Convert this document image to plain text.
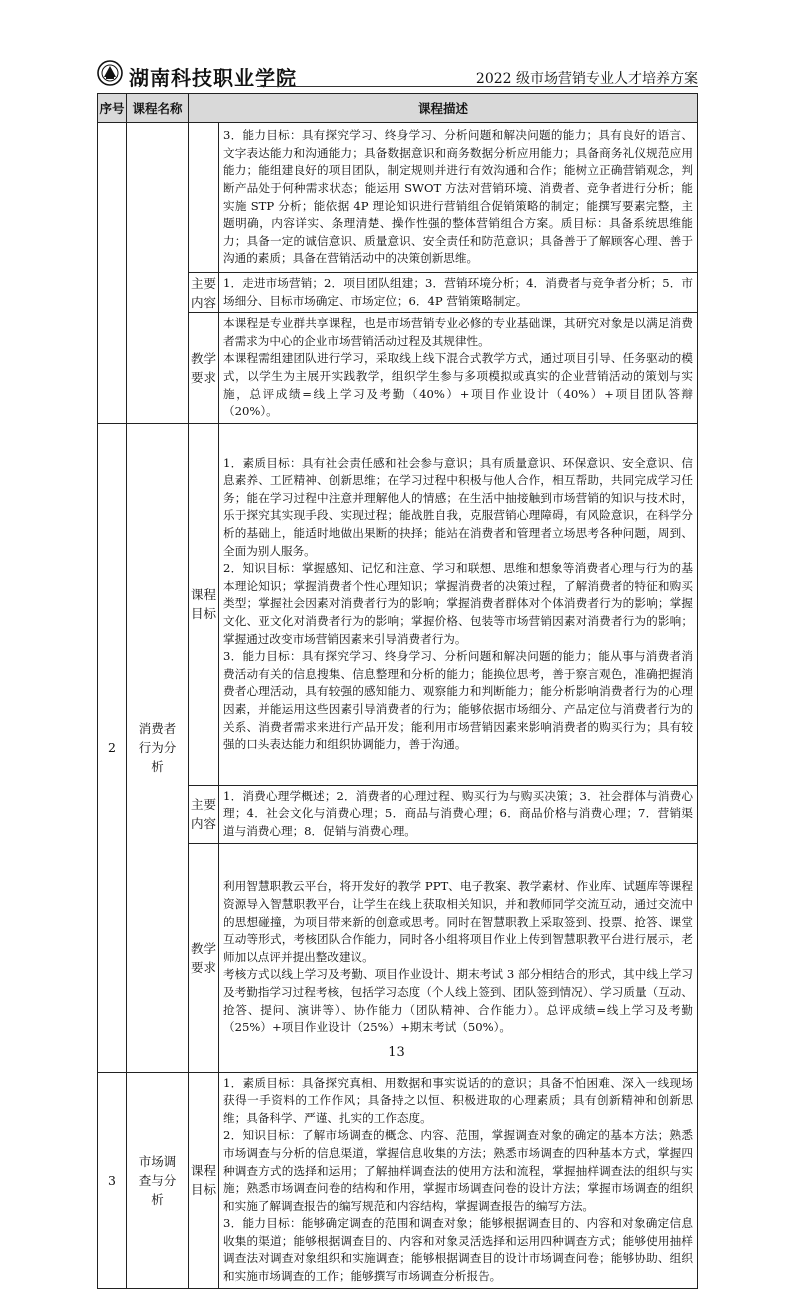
湖南科技职业学院	2022 级市场营销专业人才培养方案
序号	课程名称	课程描述	

			3．能力目标：具有探究学习、终身学习、分析问题和解决问题的能力；具有良好的语言、文字表达能力和沟通能力；具备数据意识和商务数据分析应用能力；具备商务礼仪规范应用能力；能组建良好的项目团队，制定规则并进行有效沟通和合作；能树立正确营销观念，判断产品处于何种需求状态；能运用 SWOT 方法对营销环境、消费者、竞争者进行分析；能实施 STP 分析；能依据 4P 理论知识进行营销组合促销策略的制定；能撰写要素完整，主题明确，内容详实、条理清楚、操作性强的整体营销组合方案。质目标：具备系统思维能力；具备一定的诚信意识、质量意识、安全责任和防范意识；具备善于了解顾客心理、善于沟通的素质；具备在营销活动中的决策创新思维。

		主要内容	1．走进市场营销；2．项目团队组建；3．营销环境分析；4．消费者与竞争者分析；5．市场细分、目标市场确定、市场定位；6．4P 营销策略制定。

		教学要求	本课程是专业群共享课程，也是市场营销专业必修的专业基础课，其研究对象是以满足消费者需求为中心的企业市场营销活动过程及其规律性。

本课程需组建团队进行学习，采取线上线下混合式教学方式，通过项目引导、任务驱动的模式，以学生为主展开实践教学，组织学生参与多项模拟或真实的企业营销活动的策划与实施，总评成绩=线上学习及考勤（40%）+项目作业设计（40%）+项目团队答辩（20%）。

2	消费者行为分析	课程目标	1．素质目标：具有社会责任感和社会参与意识；具有质量意识、环保意识、安全意识、信息素养、工匠精神、创新思维；在学习过程中积极与他人合作，相互帮助，共同完成学习任务；能在学习过程中注意并理解他人的情感；在生活中抽接触到市场营销的知识与技术时，乐于探究其实现手段、实现过程；能战胜自我，克服营销心理障碍，有风险意识，在科学分析的基础上，能适时地做出果断的抉择；能站在消费者和管理者立场思考各种问题，周到、全面为别人服务。

2．知识目标：掌握感知、记忆和注意、学习和联想、思维和想象等消费者心理与行为的基本理论知识；掌握消费者个性心理知识；掌握消费者的决策过程，了解消费者的特征和购买类型；掌握社会因素对消费者行为的影响；掌握消费者群体对个体消费者行为的影响；掌握文化、亚文化对消费者行为的影响；掌握价格、包装等市场营销因素对消费者行为的影响；掌握通过改变市场营销因素来引导消费者行为。

3．能力目标：具有探究学习、终身学习、分析问题和解决问题的能力；能从事与消费者消费活动有关的信息搜集、信息整理和分析的能力；能换位思考，善于察言观色，准确把握消费者心理活动，具有较强的感知能力、观察能力和判断能力；能分析影响消费者行为的心理因素，并能运用这些因素引导消费者的行为；能够依据市场细分、产品定位与消费者行为的关系、消费者需求来进行产品开发；能利用市场营销因素来影响消费者的购买行为；具有较强的口头表达能力和组织协调能力，善于沟通。

		主要内容	1．消费心理学概述；2．消费者的心理过程、购买行为与购买决策；3．社会群体与消费心理；4．社会文化与消费心理；5．商品与消费心理；6．商品价格与消费心理；7．营销渠道与消费心理；8．促销与消费心理。

		教学要求	利用智慧职教云平台，将开发好的教学 PPT、电子教案、教学素材、作业库、试题库等课程资源导入智慧职教平台，让学生在线上获取相关知识，并和教师同学交流互动，通过交流中的思想碰撞，为项目带来新的创意或思考。同时在智慧职教上采取签到、投票、抢答、课堂互动等形式，考核团队合作能力，同时各小组将项目作业上传到智慧职教平台进行展示，老师加以点评并提出整改建议。

考核方式以线上学习及考勤、项目作业设计、期末考试 3 部分相结合的形式，其中线上学习及考勤指学习过程考核，包括学习态度（个人线上签到、团队签到情况）、学习质量（互动、抢答、提问、演讲等）、协作能力（团队精神、合作能力）。总评成绩=线上学习及考勤（25%）+项目作业设计（25%）+期末考试（50%）。

3	市场调查与分析	课程目标	1．素质目标：具备探究真相、用数据和事实说话的的意识；具备不怕困难、深入一线现场获得一手资料的工作作风；具备持之以恒、积极进取的心理素质；具有创新精神和创新思维；具备科学、严谨、扎实的工作态度。

2．知识目标：了解市场调查的概念、内容、范围，掌握调查对象的确定的基本方法；熟悉市场调查与分析的信息渠道，掌握信息收集的方法；熟悉市场调查的四种基本方式，掌握四种调查方式的选择和运用；了解抽样调查法的使用方法和流程，掌握抽样调查法的组织与实施；熟悉市场调查问卷的结构和作用，掌握市场调查问卷的设计方法；掌握市场调查的组织和实施了解调查报告的编写规范和内容结构，掌握调查报告的编写方法。

3．能力目标：能够确定调查的范围和调查对象；能够根据调查目的、内容和对象确定信息收集的渠道；能够根据调查目的、内容和对象灵活选择和运用四种调查方式；能够使用抽样调查法对调查对象组织和实施调查；能够根据调查目的设计市场调查问卷；能够协助、组织和实施市场调查的工作；能够撰写市场调查分析报告。

13
